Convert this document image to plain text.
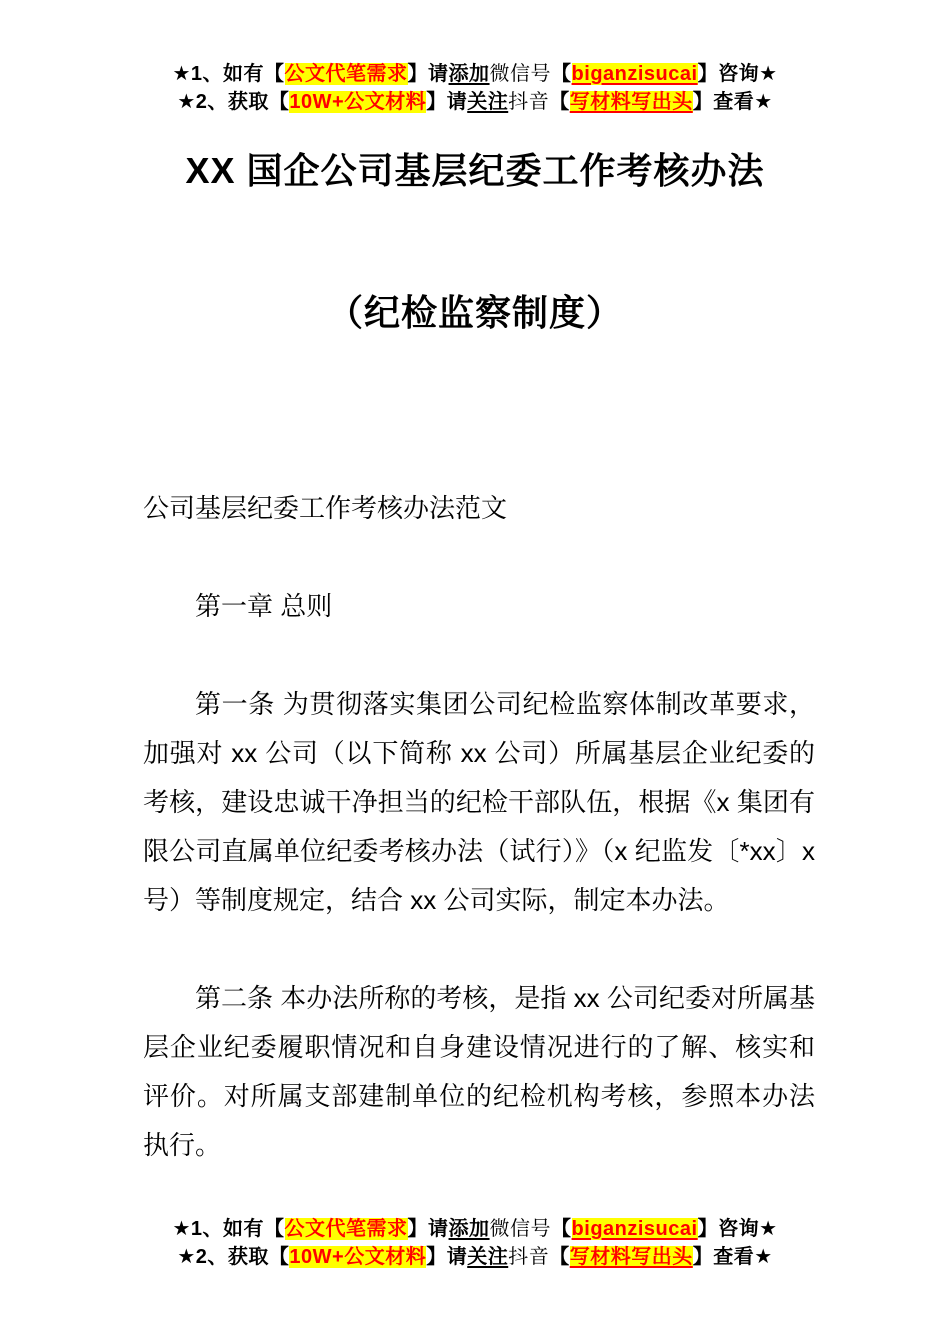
★1、如有【公文代笔需求】请添加微信号【biganzisucai】咨询★
★2、获取【10W+公文材料】请关注抖音【写材料写出头】查看★
XX 国企公司基层纪委工作考核办法
（纪检监察制度）

公司基层纪委工作考核办法范文

第一章 总则

第一条 为贯彻落实集团公司纪检监察体制改革要求，加强对 xx 公司（以下简称 xx 公司）所属基层企业纪委的考核，建设忠诚干净担当的纪检干部队伍，根据《x 集团有限公司直属单位纪委考核办法（试行）》（x 纪监发〔*xx〕x 号）等制度规定，结合 xx 公司实际，制定本办法。

第二条 本办法所称的考核，是指 xx 公司纪委对所属基层企业纪委履职情况和自身建设情况进行的了解、核实和评价。对所属支部建制单位的纪检机构考核，参照本办法执行。

★1、如有【公文代笔需求】请添加微信号【biganzisucai】咨询★
★2、获取【10W+公文材料】请关注抖音【写材料写出头】查看★
